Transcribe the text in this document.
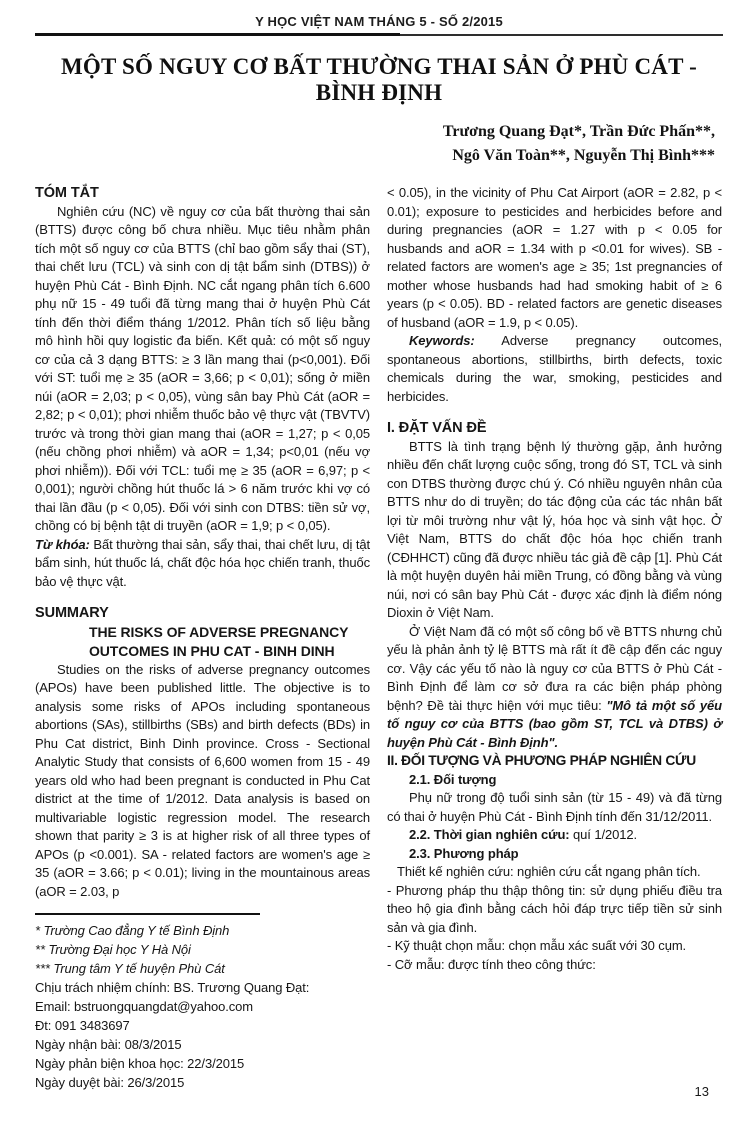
Y HỌC VIỆT NAM THÁNG 5 - SỐ 2/2015
MỘT SỐ NGUY CƠ BẤT THƯỜNG THAI SẢN Ở PHÙ CÁT - BÌNH ĐỊNH
Trương Quang Đạt*, Trần Đức Phấn**,
Ngô Văn Toàn**, Nguyễn Thị Bình***
TÓM TẮT

Nghiên cứu (NC) về nguy cơ của bất thường thai sản (BTTS) được công bố chưa nhiều. Mục tiêu nhằm phân tích một số nguy cơ của BTTS (chỉ bao gồm sẩy thai (ST), thai chết lưu (TCL) và sinh con dị tật bẩm sinh (DTBS)) ở huyện Phù Cát - Bình Định. NC cắt ngang phân tích 6.600 phụ nữ 15 - 49 tuổi đã từng mang thai ở huyện Phù Cát tính đến thời điểm tháng 1/2012. Phân tích số liệu bằng mô hình hồi quy logistic đa biến. Kết quả: có một số nguy cơ của cả 3 dạng BTTS: ≥ 3 lần mang thai (p<0,001). Đối với ST: tuổi mẹ ≥ 35 (aOR = 3,66; p < 0,01); sống ở miền núi (aOR = 2,03; p < 0,05), vùng sân bay Phù Cát (aOR = 2,82; p < 0,01); phơi nhiễm thuốc bảo vệ thực vật (TBVTV) trước và trong thời gian mang thai (aOR = 1,27; p < 0,05 (nếu chồng phơi nhiễm) và aOR = 1,34; p<0,01 (nếu vợ phơi nhiễm)). Đối với TCL: tuổi mẹ ≥ 35 (aOR = 6,97; p < 0,001); người chồng hút thuốc lá > 6 năm trước khi vợ có thai lần đầu (p < 0,05). Đối với sinh con DTBS: tiền sử vợ, chồng có bị bệnh tật di truyền (aOR = 1,9; p < 0,05).

Từ khóa: Bất thường thai sản, sẩy thai, thai chết lưu, dị tật bẩm sinh, hút thuốc lá, chất độc hóa học chiến tranh, thuốc bảo vệ thực vật.

SUMMARY
THE RISKS OF ADVERSE PREGNANCY
OUTCOMES IN PHU CAT - BINH DINH

Studies on the risks of adverse pregnancy outcomes (APOs) have been published little. The objective is to analysis some risks of APOs including spontaneous abortions (SAs), stillbirths (SBs) and birth defects (BDs) in Phu Cat district, Binh Dinh province. Cross - Sectional Analytic Study that consists of 6,600 women from 15 - 49 years old who had been pregnant is conducted in Phu Cat district at the time of 1/2012. Data analysis is based on multivariable logistic regression model. The research shown that parity ≥ 3 is at higher risk of all three types of APOs (p <0.001). SA - related factors are women's age ≥ 35 (aOR = 3.66; p < 0.01); living in the mountainous areas (aOR = 2.03, p

* Trường Cao đẳng Y tế Bình Định
** Trường Đại học Y Hà Nội
*** Trung tâm Y tế huyện Phù Cát
Chịu trách nhiệm chính: BS. Trương Quang Đạt:
Email: bstruongquangdat@yahoo.com
Đt: 091 3483697
Ngày nhận bài: 08/3/2015
Ngày phản biện khoa học: 22/3/2015
Ngày duyệt bài: 26/3/2015

< 0.05), in the vicinity of Phu Cat Airport (aOR = 2.82, p < 0.01); exposure to pesticides and herbicides before and during pregnancies (aOR = 1.27 with p < 0.05 for husbands and aOR = 1.34 with p <0.01 for wives). SB - related factors are women's age ≥ 35; 1st pregnancies of mother whose husbands had had smoking habit of ≥ 6 years (p < 0.05). BD - related factors are genetic diseases of husband (aOR = 1.9, p < 0.05).

Keywords: Adverse pregnancy outcomes, spontaneous abortions, stillbirths, birth defects, toxic chemicals during the war, smoking, pesticides and herbicides.

I. ĐẶT VẤN ĐỀ

BTTS là tình trạng bệnh lý thường gặp, ảnh hưởng nhiều đến chất lượng cuộc sống, trong đó ST, TCL và sinh con DTBS thường được chú ý. Có nhiều nguyên nhân của BTTS như do di truyền; do tác động của các tác nhân bất lợi từ môi trường như vật lý, hóa học và sinh vật học. Ở Việt Nam, BTTS do chất độc hóa học chiến tranh (CĐHHCT) cũng đã được nhiều tác giả đề cập [1]. Phù Cát là một huyện duyên hải miền Trung, có đồng bằng và vùng núi, nơi có sân bay Phù Cát - được xác định là điểm nóng Dioxin ở Việt Nam.

Ở Việt Nam đã có một số công bố về BTTS nhưng chủ yếu là phản ảnh tỷ lệ BTTS mà rất ít đề cập đến các nguy cơ. Vậy các yếu tố nào là nguy cơ của BTTS ở Phù Cát - Bình Định để làm cơ sở đưa ra các biện pháp phòng bệnh? Đề tài thực hiện với mục tiêu: "Mô tả một số yếu tố nguy cơ của BTTS (bao gồm ST, TCL và DTBS) ở huyện Phù Cát - Bình Định".

II. ĐỐI TƯỢNG VÀ PHƯƠNG PHÁP NGHIÊN CỨU

2.1. Đối tượng

Phụ nữ trong độ tuổi sinh sản (từ 15 - 49) và đã từng có thai ở huyện Phù Cát - Bình Định tính đến 31/12/2011.

2.2. Thời gian nghiên cứu: quí 1/2012.

2.3. Phương pháp

Thiết kế nghiên cứu: nghiên cứu cắt ngang phân tích.

- Phương pháp thu thập thông tin: sử dụng phiếu điều tra theo hộ gia đình bằng cách hỏi đáp trực tiếp tiền sử sinh sản và gia đình.

- Kỹ thuật chọn mẫu: chọn mẫu xác suất với 30 cụm.

- Cỡ mẫu: được tính theo công thức:

13
